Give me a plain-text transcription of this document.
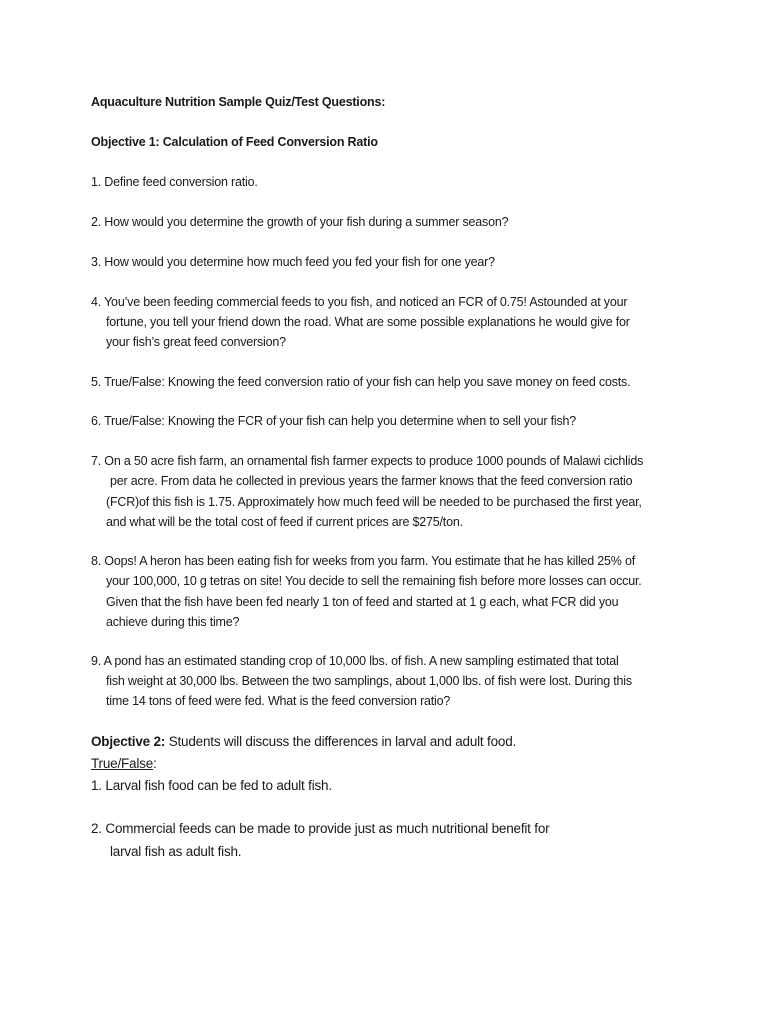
Aquaculture Nutrition Sample Quiz/Test Questions:
Objective 1: Calculation of Feed Conversion Ratio
1. Define feed conversion ratio.
2. How would you determine the growth of your fish during a summer season?
3. How would you determine how much feed you fed your fish for one year?
4. You’ve been feeding commercial feeds to you fish, and noticed an FCR of 0.75! Astounded at your
fortune, you tell your friend down the road. What are some possible explanations he would give for
your fish’s great feed conversion?
5. True/False: Knowing the feed conversion ratio of your fish can help you save money on feed costs.
6. True/False: Knowing the FCR of your fish can help you determine when to sell your fish?
7. On a 50 acre fish farm, an ornamental fish farmer expects to produce 1000 pounds of Malawi cichlids
per acre. From data he collected in previous years the farmer knows that the feed conversion ratio
(FCR)of this fish is 1.75. Approximately how much feed will be needed to be purchased the first year,
and what will be the total cost of feed if current prices are $275/ton.
8. Oops! A heron has been eating fish for weeks from you farm. You estimate that he has killed 25% of
your 100,000, 10 g tetras on site! You decide to sell the remaining fish before more losses can occur.
Given that the fish have been fed nearly 1 ton of feed and started at 1 g each, what FCR did you
achieve during this time?
9. A pond has an estimated standing crop of 10,000 lbs. of fish. A new sampling estimated that total
fish weight at 30,000 lbs. Between the two samplings, about 1,000 lbs. of fish were lost. During this
time 14 tons of feed were fed. What is the feed conversion ratio?
Objective 2: Students will discuss the differences in larval and adult food.
True/False:
1. Larval fish food can be fed to adult fish.
2. Commercial feeds can be made to provide just as much nutritional benefit for
larval fish as adult fish.
